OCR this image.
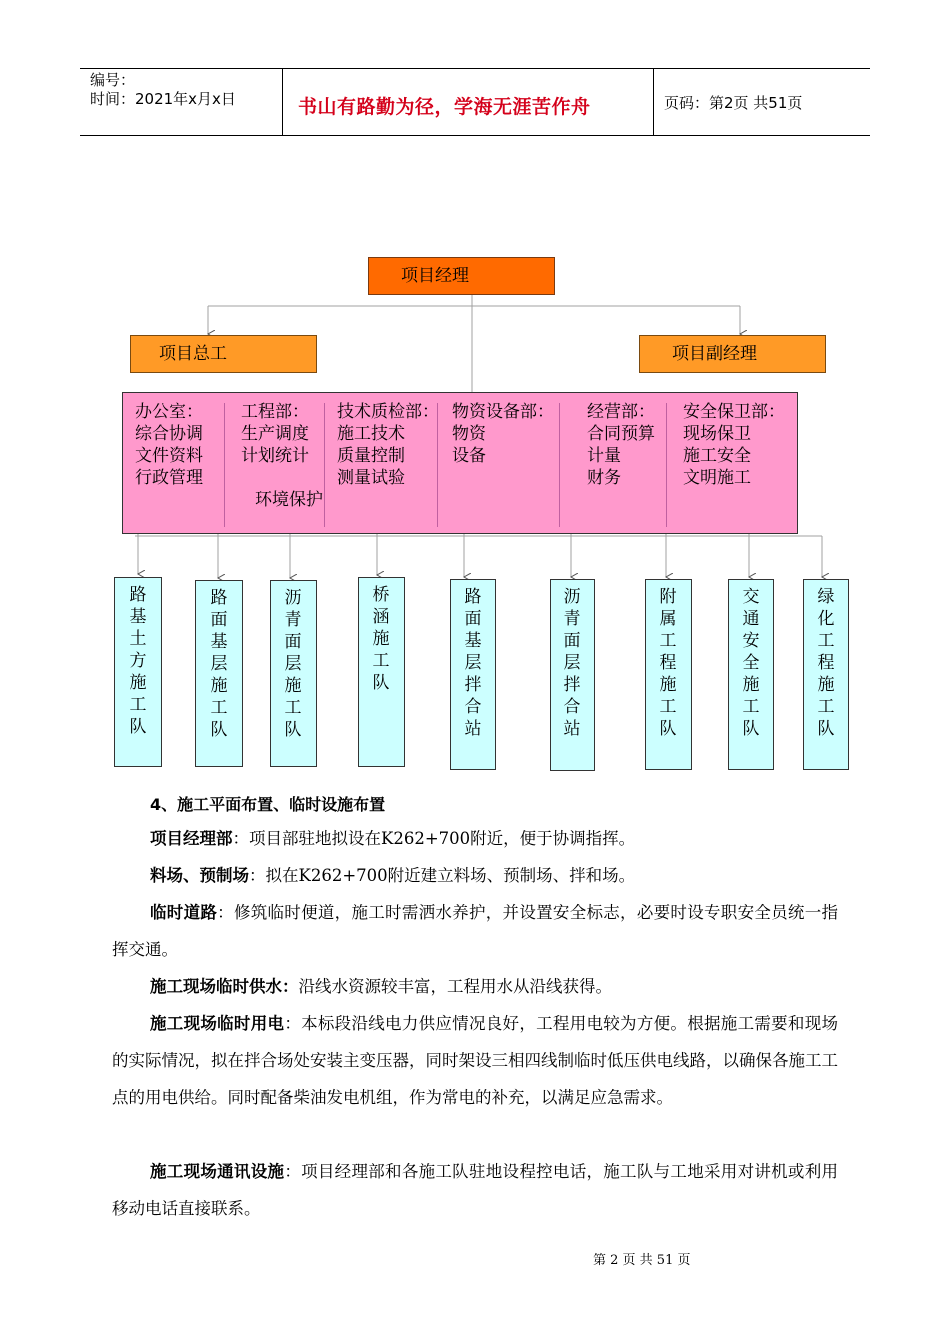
编号：
时间：2021年x月x日	书山有路勤为径，学海无涯苦作舟	页码：第2页 共51页
项目经理
项目总工	项目副经理
办公室：
综合协调
文件资料
行政管理
工程部：
生产调度
计划统计
技术质检部：
施工技术
质量控制
测量试验
物资设备部：
物资
设备
经营部：
合同预算
计量
财务
安全保卫部：
现场保卫
施工安全
文明施工
环境保护
路基土方施工队
路面基层施工队
沥青面层施工队
桥涵施工队
路面基层拌合站
沥青面层拌合站
附属工程施工队
交通安全施工队
绿化工程施工队
4、施工平面布置、临时设施布置
项目经理部：项目部驻地拟设在K262+700附近，便于协调指挥。
料场、预制场：拟在K262+700附近建立料场、预制场、拌和场。
临时道路：修筑临时便道，施工时需洒水养护，并设置安全标志，必要时设专职安全员统一指挥交通。
施工现场临时供水：沿线水资源较丰富，工程用水从沿线获得。
施工现场临时用电：本标段沿线电力供应情况良好，工程用电较为方便。根据施工需要和现场的实际情况，拟在拌合场处安装主变压器，同时架设三相四线制临时低压供电线路，以确保各施工工点的用电供给。同时配备柴油发电机组，作为常电的补充，以满足应急需求。
施工现场通讯设施：项目经理部和各施工队驻地设程控电话，施工队与工地采用对讲机或利用移动电话直接联系。
第 2 页 共 51 页
